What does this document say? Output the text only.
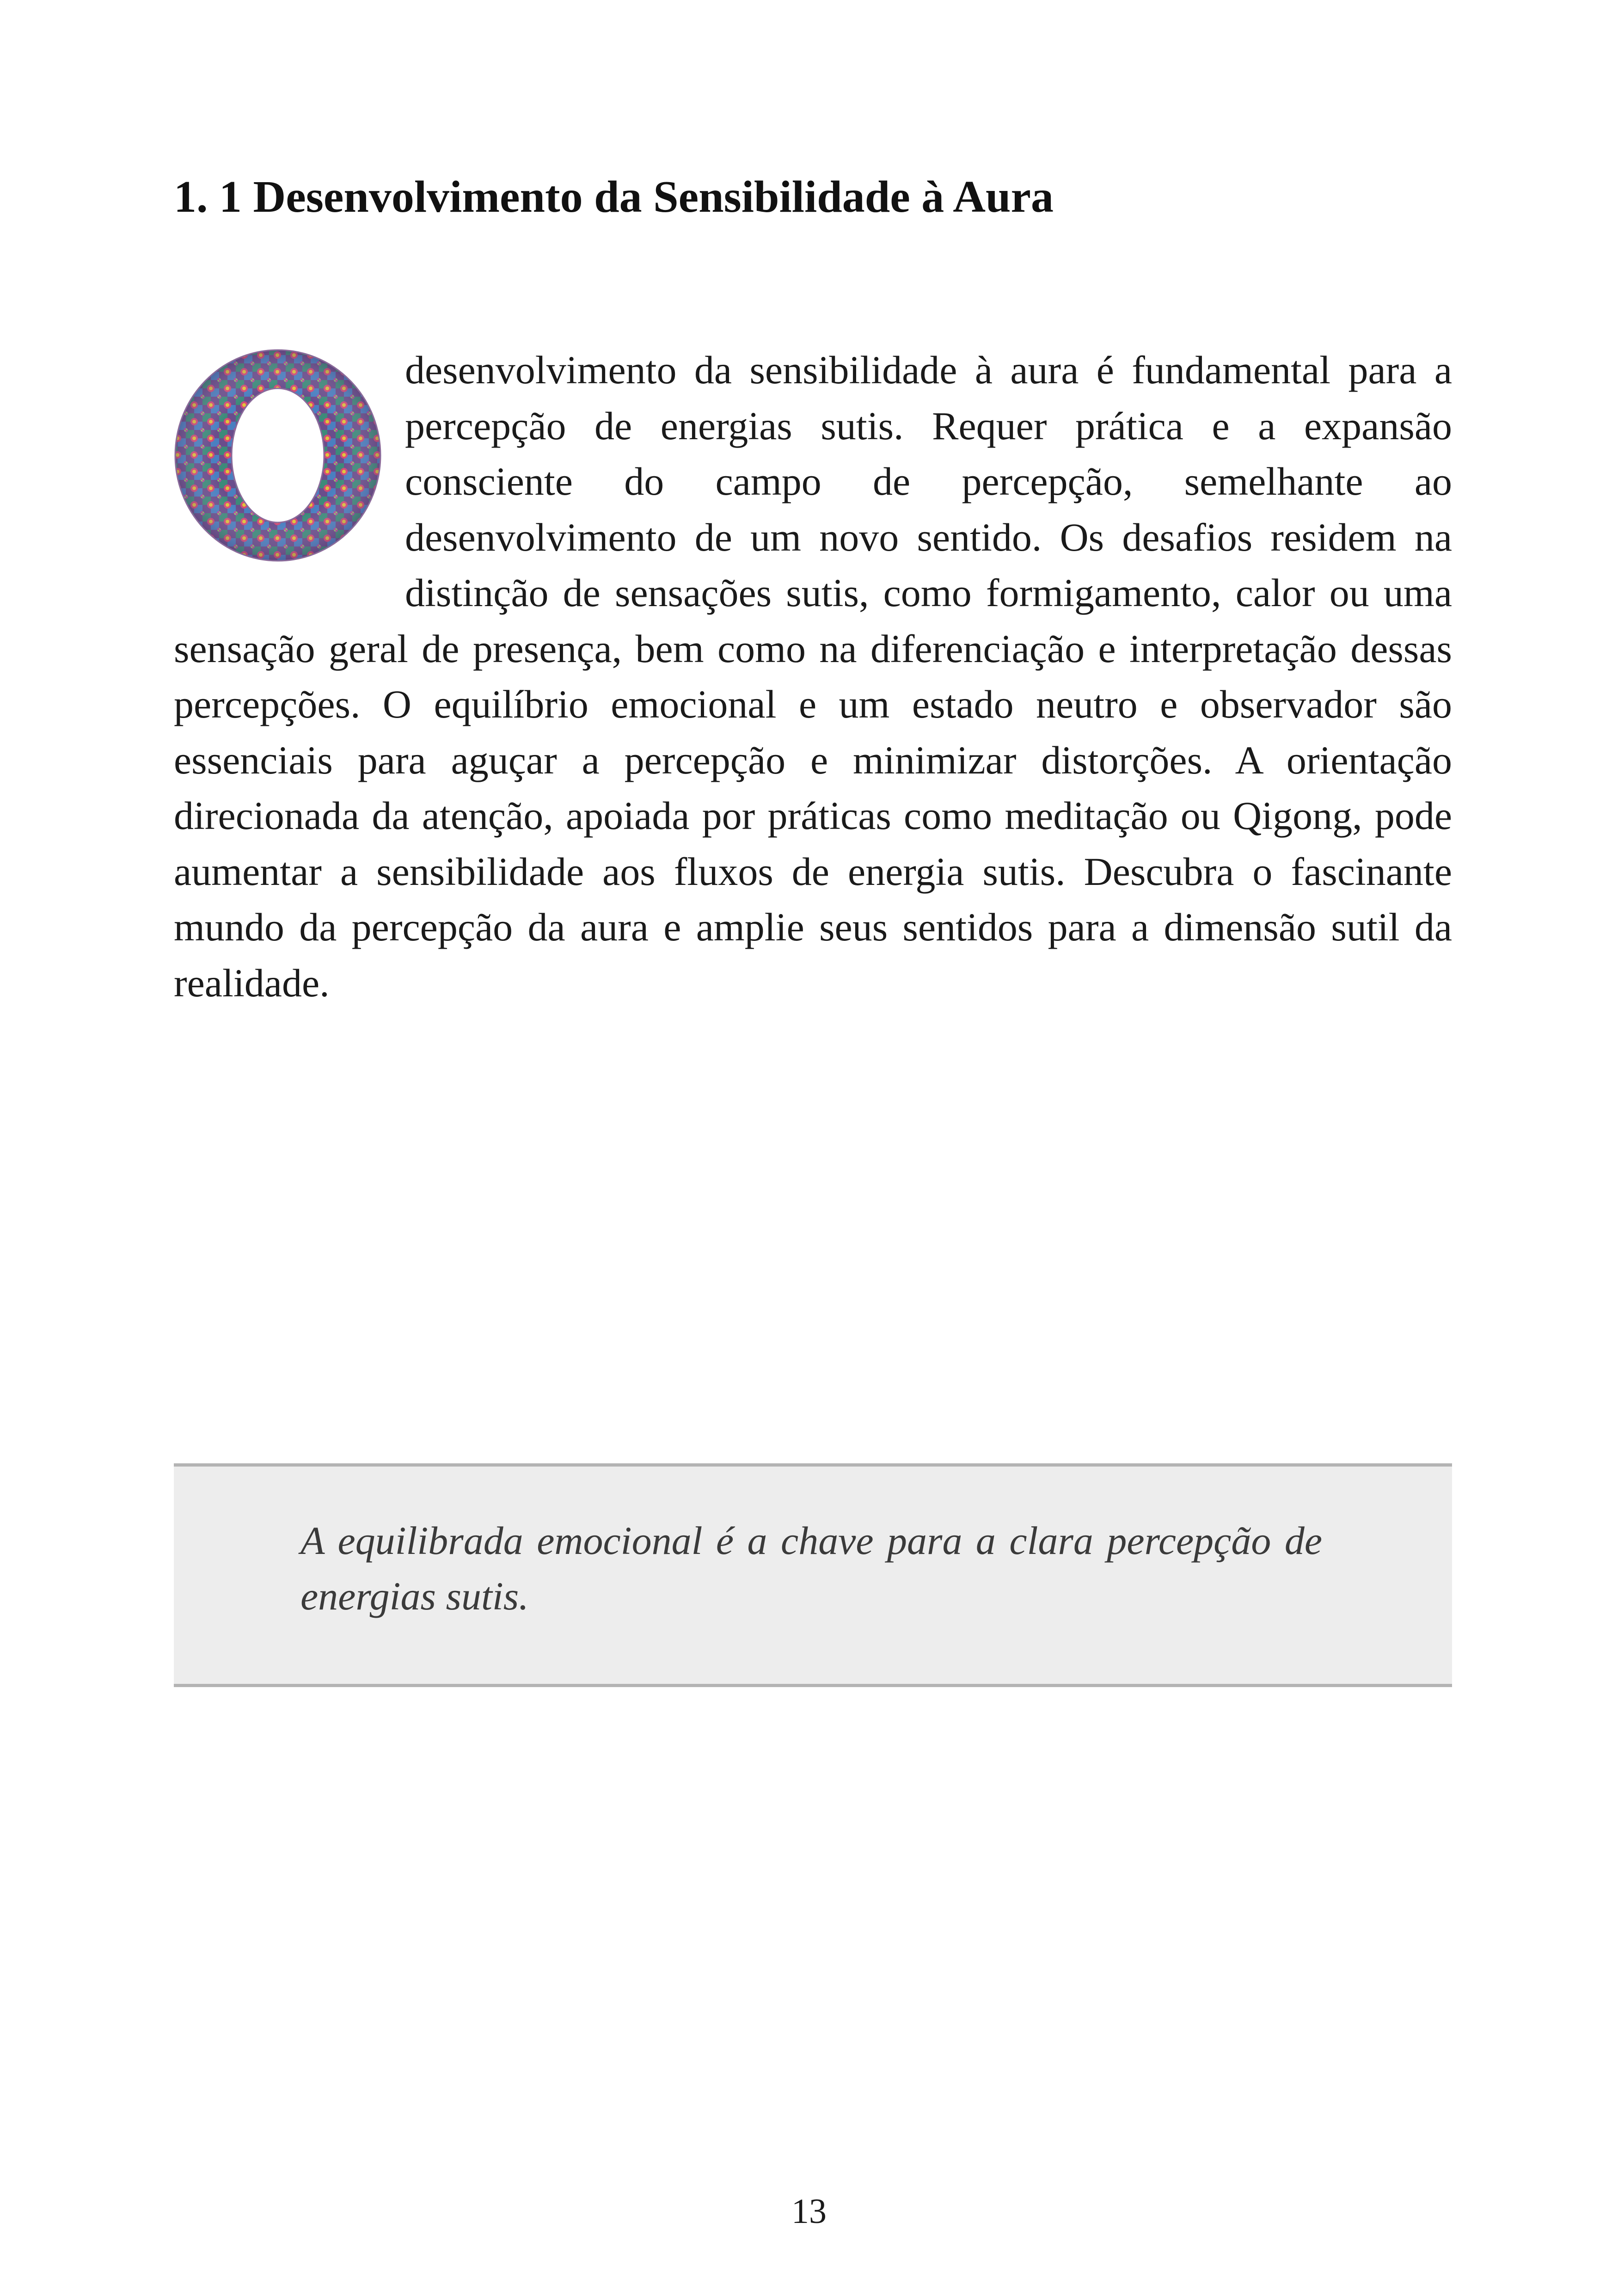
1. 1 Desenvolvimento da Sensibilidade à Aura

desenvolvimento da sensibilidade à aura é fundamental para a percepção de energias sutis. Requer prática e a expansão consciente do campo de percepção, semelhante ao desenvolvimento de um novo sentido. Os desafios residem na distinção de sensações sutis, como formigamento, calor ou uma sensação geral de presença, bem como na diferenciação e interpretação dessas percepções. O equilíbrio emocional e um estado neutro e observador são essenciais para aguçar a percepção e minimizar distorções. A orientação direcionada da atenção, apoiada por práticas como meditação ou Qigong, pode aumentar a sensibilidade aos fluxos de energia sutis. Descubra o fascinante mundo da percepção da aura e amplie seus sentidos para a dimensão sutil da realidade.

A equilibrada emocional é a chave para a clara percepção de energias sutis.

13
